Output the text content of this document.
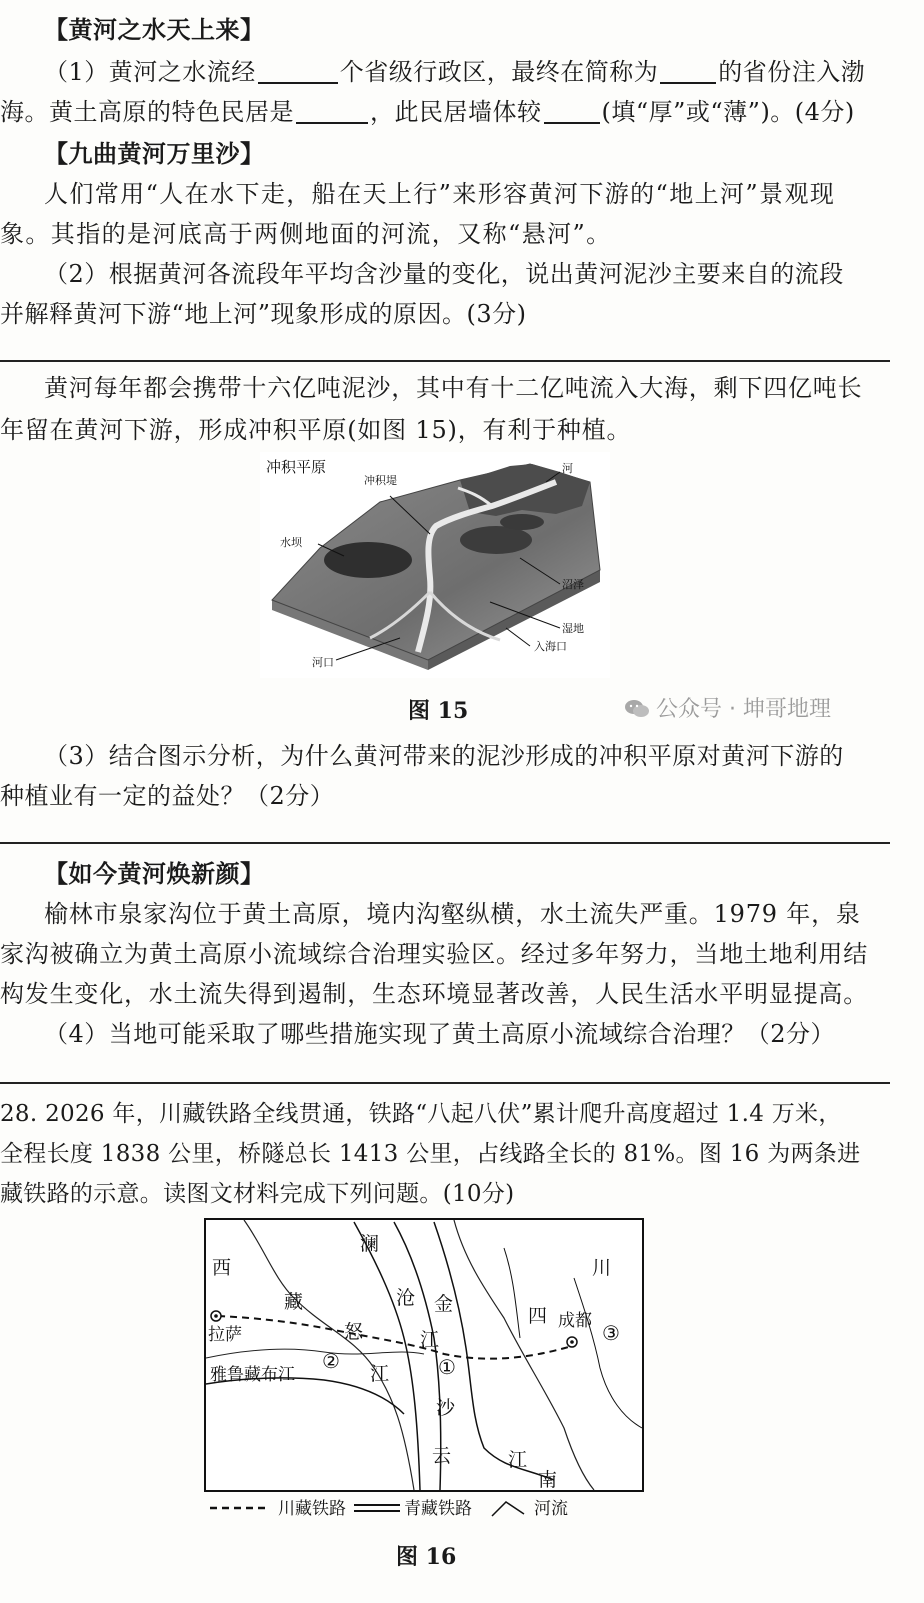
【黄河之水天上来】
（1）黄河之水流经	个省级行政区，最终在简称为	的省份注入渤
海。黄土高原的特色民居是	，此民居墙体较	(填“厚”或“薄”)。(4分)
【九曲黄河万里沙】
人们常用“人在水下走，船在天上行”来形容黄河下游的“地上河”景观现
象。其指的是河底高于两侧地面的河流，又称“悬河”。
（2）根据黄河各流段年平均含沙量的变化，说出黄河泥沙主要来自的流段
并解释黄河下游“地上河”现象形成的原因。(3分)
黄河每年都会携带十六亿吨泥沙，其中有十二亿吨流入大海，剩下四亿吨长
年留在黄河下游，形成冲积平原(如图 15)，有利于种植。
冲积平原
冲积堤
河
水坝
沼泽
湿地
入海口
河口
图 15	公众号 · 坤哥地理
（3）结合图示分析，为什么黄河带来的泥沙形成的冲积平原对黄河下游的
种植业有一定的益处？（2分）
【如今黄河焕新颜】
榆林市泉家沟位于黄土高原，境内沟壑纵横，水土流失严重。1979 年，泉
家沟被确立为黄土高原小流域综合治理实验区。经过多年努力，当地土地利用结
构发生变化，水土流失得到遏制，生态环境显著改善，人民生活水平明显提高。
（4）当地可能采取了哪些措施实现了黄土高原小流域综合治理？（2分）
28. 2026 年，川藏铁路全线贯通，铁路“八起八伏”累计爬升高度超过 1.4 万米，
全程长度 1838 公里，桥隧总长 1413 公里，占线路全长的 81%。图 16 为两条进
藏铁路的示意。读图文材料完成下列问题。(10分)
西
藏
澜
沧 金
怒	江
江
沙
云	江
南
四
川
成都
拉萨
雅鲁藏布江
②	①
③
川藏铁路	青藏铁路	河流
图 16
